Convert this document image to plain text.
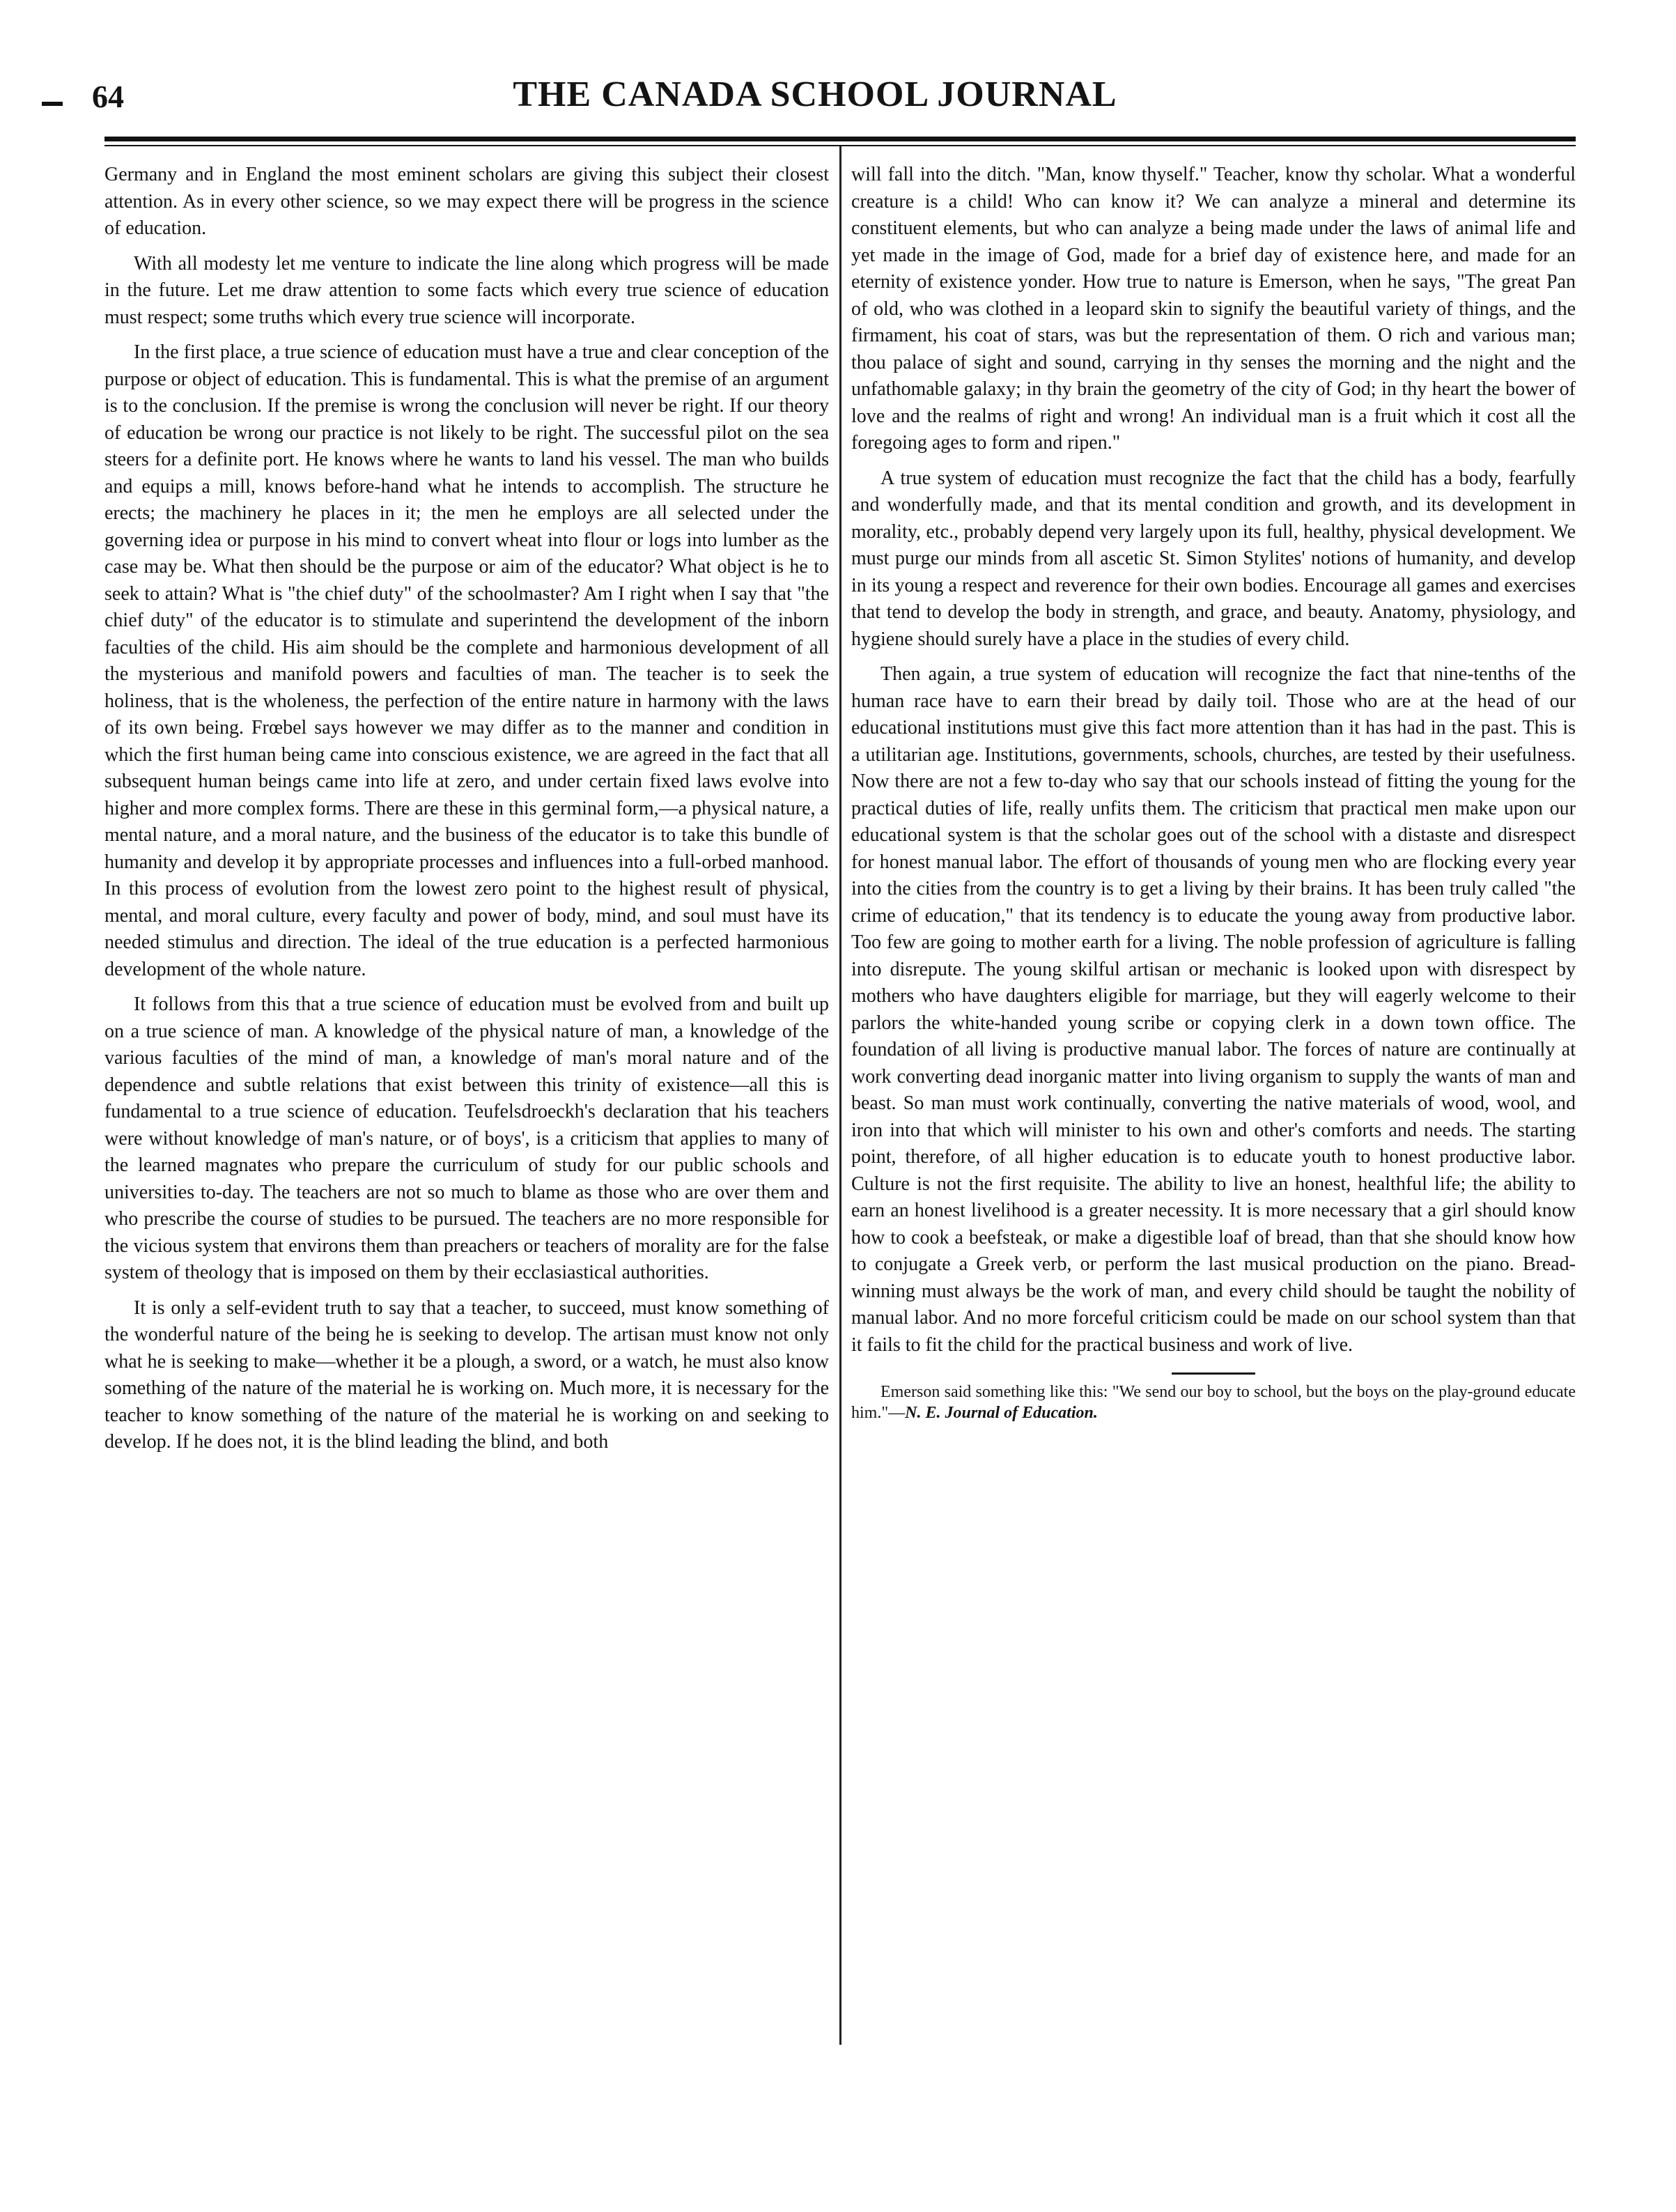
64	THE CANADA SCHOOL JOURNAL

Germany and in England the most eminent scholars are giving this subject their closest attention. As in every other science, so we may expect there will be progress in the science of education.

With all modesty let me venture to indicate the line along which progress will be made in the future. Let me draw attention to some facts which every true science of education must respect; some truths which every true science will incorporate.

In the first place, a true science of education must have a true and clear conception of the purpose or object of education. This is fundamental. This is what the premise of an argument is to the conclusion. If the premise is wrong the conclusion will never be right. If our theory of education be wrong our practice is not likely to be right. The successful pilot on the sea steers for a definite port. He knows where he wants to land his vessel. The man who builds and equips a mill, knows before-hand what he intends to accomplish. The structure he erects; the machinery he places in it; the men he employs are all selected under the governing idea or purpose in his mind to convert wheat into flour or logs into lumber as the case may be. What then should be the purpose or aim of the educator? What object is he to seek to attain? What is "the chief duty" of the schoolmaster? Am I right when I say that "the chief duty" of the educator is to stimulate and superintend the development of the inborn faculties of the child. His aim should be the complete and harmonious development of all the mysterious and manifold powers and faculties of man. The teacher is to seek the holiness, that is the wholeness, the perfection of the entire nature in harmony with the laws of its own being. Frœbel says however we may differ as to the manner and condition in which the first human being came into conscious existence, we are agreed in the fact that all subsequent human beings came into life at zero, and under certain fixed laws evolve into higher and more complex forms. There are these in this germinal form,—a physical nature, a mental nature, and a moral nature, and the business of the educator is to take this bundle of humanity and develop it by appropriate processes and influences into a full-orbed manhood. In this process of evolution from the lowest zero point to the highest result of physical, mental, and moral culture, every faculty and power of body, mind, and soul must have its needed stimulus and direction. The ideal of the true education is a perfected harmonious development of the whole nature.

It follows from this that a true science of education must be evolved from and built up on a true science of man. A knowledge of the physical nature of man, a knowledge of the various faculties of the mind of man, a knowledge of man's moral nature and of the dependence and subtle relations that exist between this trinity of existence—all this is fundamental to a true science of education. Teufelsdroeckh's declaration that his teachers were without knowledge of man's nature, or of boys', is a criticism that applies to many of the learned magnates who prepare the curriculum of study for our public schools and universities to-day. The teachers are not so much to blame as those who are over them and who prescribe the course of studies to be pursued. The teachers are no more responsible for the vicious system that environs them than preachers or teachers of morality are for the false system of theology that is imposed on them by their ecclasiastical authorities.

It is only a self-evident truth to say that a teacher, to succeed, must know something of the wonderful nature of the being he is seeking to develop. The artisan must know not only what he is seeking to make—whether it be a plough, a sword, or a watch, he must also know something of the nature of the material he is working on. Much more, it is necessary for the teacher to know something of the nature of the material he is working on and seeking to develop. If he does not, it is the blind leading the blind, and both

will fall into the ditch. "Man, know thyself." Teacher, know thy scholar. What a wonderful creature is a child! Who can know it? We can analyze a mineral and determine its constituent elements, but who can analyze a being made under the laws of animal life and yet made in the image of God, made for a brief day of existence here, and made for an eternity of existence yonder. How true to nature is Emerson, when he says, "The great Pan of old, who was clothed in a leopard skin to signify the beautiful variety of things, and the firmament, his coat of stars, was but the representation of them. O rich and various man; thou palace of sight and sound, carrying in thy senses the morning and the night and the unfathomable galaxy; in thy brain the geometry of the city of God; in thy heart the bower of love and the realms of right and wrong! An individual man is a fruit which it cost all the foregoing ages to form and ripen."

A true system of education must recognize the fact that the child has a body, fearfully and wonderfully made, and that its mental condition and growth, and its development in morality, etc., probably depend very largely upon its full, healthy, physical development. We must purge our minds from all ascetic St. Simon Stylites' notions of humanity, and develop in its young a respect and reverence for their own bodies. Encourage all games and exercises that tend to develop the body in strength, and grace, and beauty. Anatomy, physiology, and hygiene should surely have a place in the studies of every child.

Then again, a true system of education will recognize the fact that nine-tenths of the human race have to earn their bread by daily toil. Those who are at the head of our educational institutions must give this fact more attention than it has had in the past. This is a utilitarian age. Institutions, governments, schools, churches, are tested by their usefulness. Now there are not a few to-day who say that our schools instead of fitting the young for the practical duties of life, really unfits them. The criticism that practical men make upon our educational system is that the scholar goes out of the school with a distaste and disrespect for honest manual labor. The effort of thousands of young men who are flocking every year into the cities from the country is to get a living by their brains. It has been truly called "the crime of education," that its tendency is to educate the young away from productive labor. Too few are going to mother earth for a living. The noble profession of agriculture is falling into disrepute. The young skilful artisan or mechanic is looked upon with disrespect by mothers who have daughters eligible for marriage, but they will eagerly welcome to their parlors the white-handed young scribe or copying clerk in a down town office. The foundation of all living is productive manual labor. The forces of nature are continually at work converting dead inorganic matter into living organism to supply the wants of man and beast. So man must work continually, converting the native materials of wood, wool, and iron into that which will minister to his own and other's comforts and needs. The starting point, therefore, of all higher education is to educate youth to honest productive labor. Culture is not the first requisite. The ability to live an honest, healthful life; the ability to earn an honest livelihood is a greater necessity. It is more necessary that a girl should know how to cook a beefsteak, or make a digestible loaf of bread, than that she should know how to conjugate a Greek verb, or perform the last musical production on the piano. Bread-winning must always be the work of man, and every child should be taught the nobility of manual labor. And no more forceful criticism could be made on our school system than that it fails to fit the child for the practical business and work of live.

Emerson said something like this: "We send our boy to school, but the boys on the play-ground educate him."—N. E. Journal of Education.
